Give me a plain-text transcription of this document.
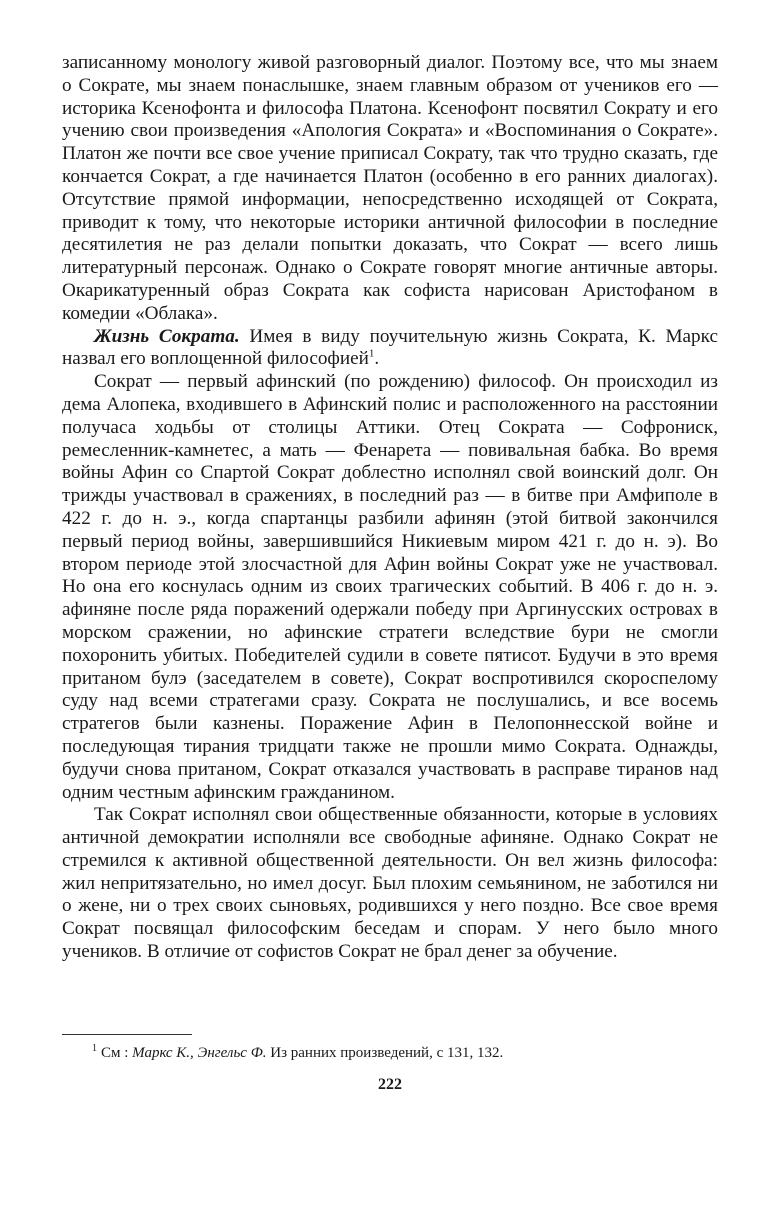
записанному монологу живой разговорный диалог. Поэтому все, что мы знаем о Сократе, мы знаем понаслышке, знаем главным образом от учеников его — историка Ксенофонта и философа Платона. Ксенофонт посвятил Сократу и его учению свои произведения «Апология Сократа» и «Воспоминания о Сократе». Платон же почти все свое учение приписал Сократу, так что трудно сказать, где кончается Сократ, а где начинается Платон (особенно в его ранних диалогах). Отсутствие прямой информации, непосредственно исходящей от Сократа, приводит к тому, что некоторые историки античной философии в последние десятилетия не раз делали попытки доказать, что Сократ — всего лишь литературный персонаж. Однако о Сократе говорят многие античные авторы. Окарикатуренный образ Сократа как софиста нарисован Аристофаном в комедии «Облака».

Жизнь Сократа. Имея в виду поучительную жизнь Сократа, К. Маркс назвал его воплощенной философией$^1$.

Сократ — первый афинский (по рождению) философ. Он происходил из дема Алопека, входившего в Афинский полис и расположенного на расстоянии получаса ходьбы от столицы Аттики. Отец Сократа — Софрониск, ремесленник-камнетес, а мать — Фенарета — повивальная бабка. Во время войны Афин со Спартой Сократ доблестно исполнял свой воинский долг. Он трижды участвовал в сражениях, в последний раз — в битве при Амфиполе в 422 г. до н. э., когда спартанцы разбили афинян (этой битвой закончился первый период войны, завершившийся Никиевым миром 421 г. до н. э). Во втором периоде этой злосчастной для Афин войны Сократ уже не участвовал. Но она его коснулась одним из своих трагических событий. В 406 г. до н. э. афиняне после ряда поражений одержали победу при Аргинусских островах в морском сражении, но афинские стратеги вследствие бури не смогли похоронить убитых. Победителей судили в совете пятисот. Будучи в это время пританом булэ (заседателем в совете), Сократ воспротивился скороспелому суду над всеми стратегами сразу. Сократа не послушались, и все восемь стратегов были казнены. Поражение Афин в Пелопоннесской войне и последующая тирания тридцати также не прошли мимо Сократа. Однажды, будучи снова пританом, Сократ отказался участвовать в расправе тиранов над одним честным афинским гражданином.

Так Сократ исполнял свои общественные обязанности, которые в условиях античной демократии исполняли все свободные афиняне. Однако Сократ не стремился к активной общественной деятельности. Он вел жизнь философа: жил непритязательно, но имел досуг. Был плохим семьянином, не заботился ни о жене, ни о трех своих сыновьях, родившихся у него поздно. Все свое время Сократ посвящал философским беседам и спорам. У него было много учеников. В отличие от софистов Сократ не брал денег за обучение.

$^1$ См : Маркс К., Энгельс Ф. Из ранних произведений, с 131, 132.
222
